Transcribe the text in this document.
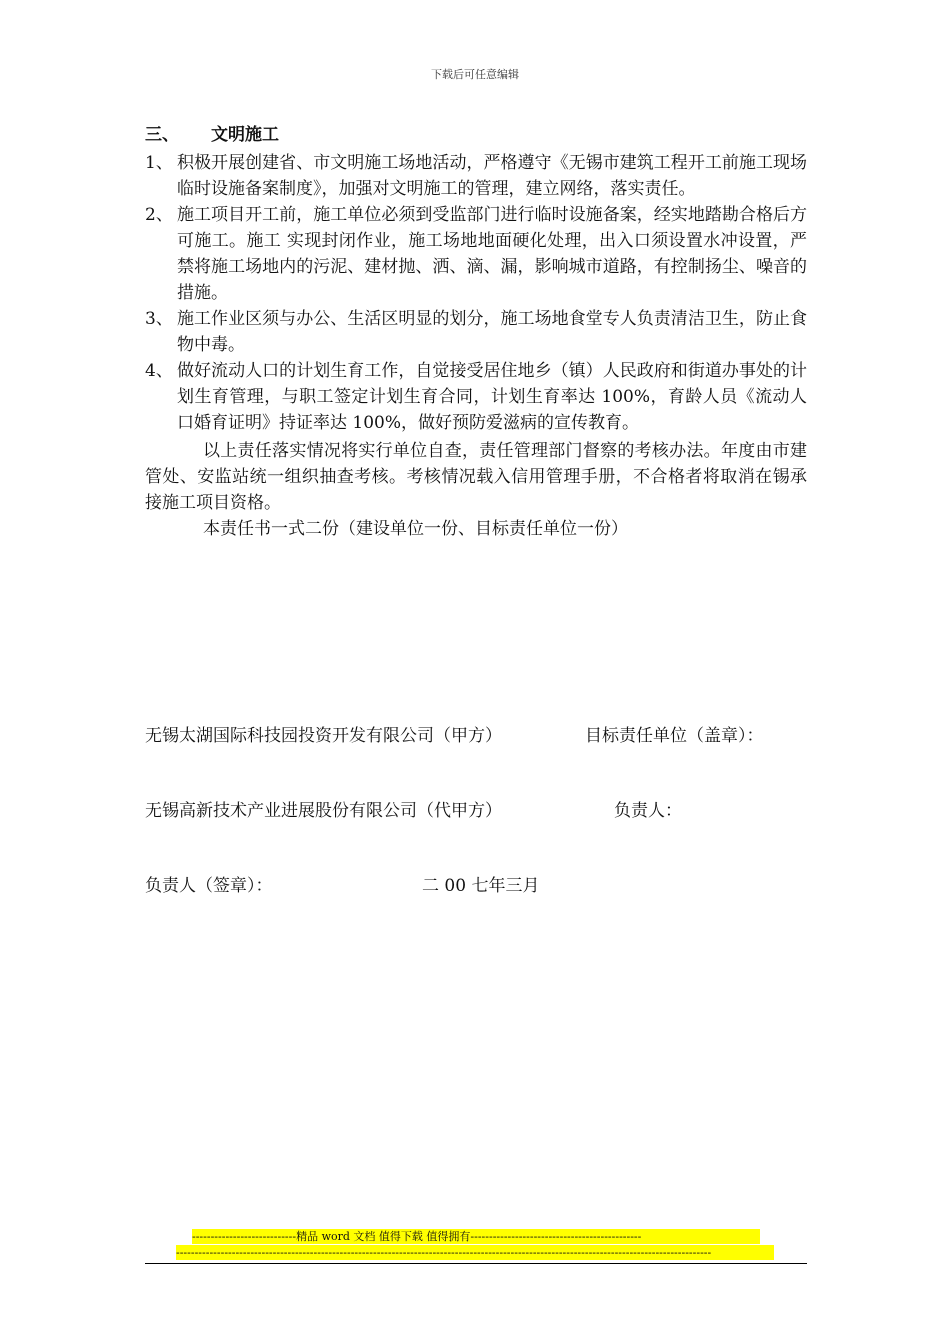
下载后可任意编辑
三、 文明施工
1、 积极开展创建省、市文明施工场地活动，严格遵守《无锡市建筑工程开工前施工现场临时设施备案制度》，加强对文明施工的管理，建立网络，落实责任。
2、 施工项目开工前，施工单位必须到受监部门进行临时设施备案，经实地踏勘合格后方可施工。施工 实现封闭作业，施工场地地面硬化处理，出入口须设置水冲设置，严禁将施工场地内的污泥、建材抛、洒、滴、漏，影响城市道路，有控制扬尘、噪音的措施。
3、 施工作业区须与办公、生活区明显的划分，施工场地食堂专人负责清洁卫生，防止食物中毒。
4、 做好流动人口的计划生育工作，自觉接受居住地乡（镇）人民政府和街道办事处的计划生育管理，与职工签定计划生育合同，计划生育率达 100%，育龄人员《流动人口婚育证明》持证率达 100%，做好预防爱滋病的宣传教育。
以上责任落实情况将实行单位自查，责任管理部门督察的考核办法。年度由市建管处、安监站统一组织抽查考核。考核情况载入信用管理手册，不合格者将取消在锡承接施工项目资格。
本责任书一式二份（建设单位一份、目标责任单位一份）
无锡太湖国际科技园投资开发有限公司（甲方）	目标责任单位（盖章）：
无锡高新技术产业进展股份有限公司（代甲方）	负责人：
负责人（签章）：	二 00 七年三月
----------------------------精品 word 文档 值得下载 值得拥有----------------------------------------------
------------------------------------------------------------------------------------------------------------------------------------------------
